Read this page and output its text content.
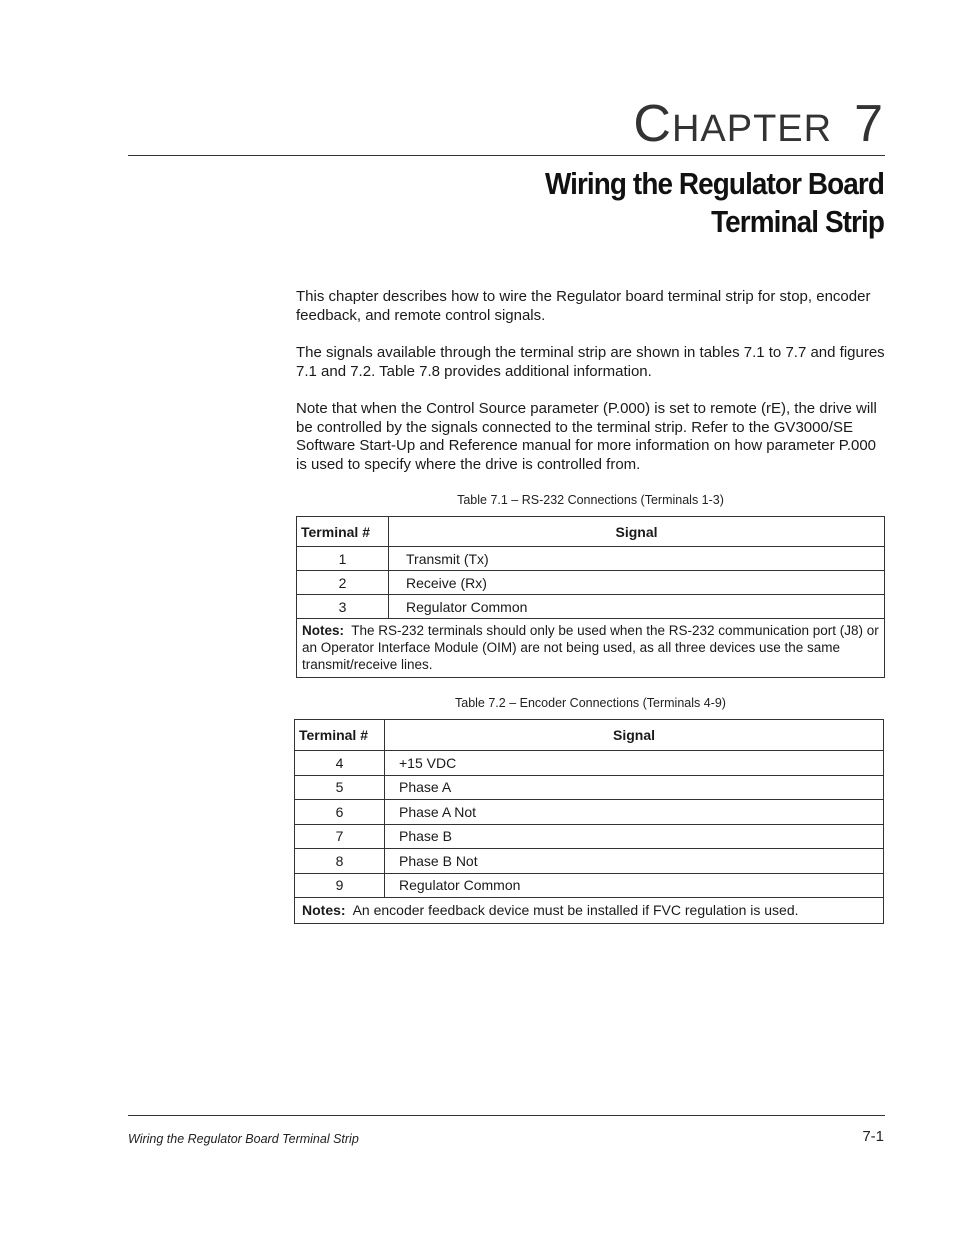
CHAPTER 7
Wiring the Regulator Board
Terminal Strip

This chapter describes how to wire the Regulator board terminal strip for stop, encoder feedback, and remote control signals.

The signals available through the terminal strip are shown in tables 7.1 to 7.7 and figures 7.1 and 7.2. Table 7.8 provides additional information.

Note that when the Control Source parameter (P.000) is set to remote (rE), the drive will be controlled by the signals connected to the terminal strip. Refer to the GV3000/SE Software Start-Up and Reference manual for more information on how parameter P.000 is used to specify where the drive is controlled from.

Table 7.1 – RS-232 Connections (Terminals 1-3)
Terminal #	Signal
1	Transmit (Tx)
2	Receive (Rx)
3	Regulator Common
Notes: The RS-232 terminals should only be used when the RS-232 communication port (J8) or an Operator Interface Module (OIM) are not being used, as all three devices use the same transmit/receive lines.	
Table 7.2 – Encoder Connections (Terminals 4-9)
Terminal #	Signal
4	+15 VDC
5	Phase A
6	Phase A Not
7	Phase B
8	Phase B Not
9	Regulator Common
Notes: An encoder feedback device must be installed if FVC regulation is used.	
Wiring the Regulator Board Terminal Strip	7-1
